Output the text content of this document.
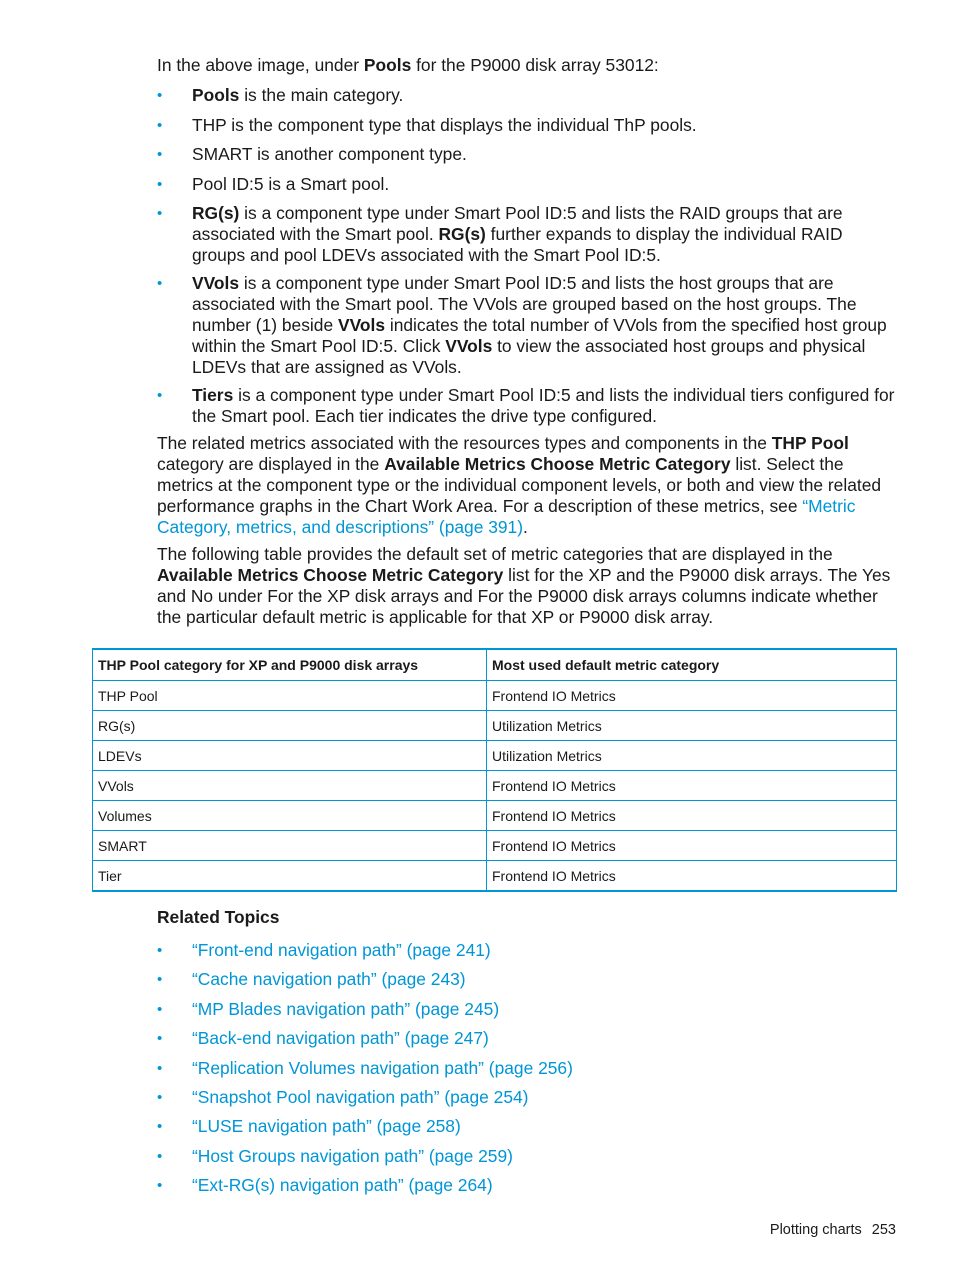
In the above image, under Pools for the P9000 disk array 53012:

•	Pools is the main category.
•	THP is the component type that displays the individual ThP pools.
•	SMART is another component type.
•	Pool ID:5 is a Smart pool.
•	RG(s) is a component type under Smart Pool ID:5 and lists the RAID groups that are associated with the Smart pool. RG(s) further expands to display the individual RAID groups and pool LDEVs associated with the Smart Pool ID:5.
•	VVols is a component type under Smart Pool ID:5 and lists the host groups that are associated with the Smart pool. The VVols are grouped based on the host groups. The number (1) beside VVols indicates the total number of VVols from the specified host group within the Smart Pool ID:5. Click VVols to view the associated host groups and physical LDEVs that are assigned as VVols.
•	Tiers is a component type under Smart Pool ID:5 and lists the individual tiers configured for the Smart pool. Each tier indicates the drive type configured.

The related metrics associated with the resources types and components in the THP Pool category are displayed in the Available Metrics Choose Metric Category list. Select the metrics at the component type or the individual component levels, or both and view the related performance graphs in the Chart Work Area. For a description of these metrics, see “Metric Category, metrics, and descriptions” (page 391).

The following table provides the default set of metric categories that are displayed in the Available Metrics Choose Metric Category list for the XP and the P9000 disk arrays. The Yes and No under For the XP disk arrays and For the P9000 disk arrays columns indicate whether the particular default metric is applicable for that XP or P9000 disk array.

THP Pool category for XP and P9000 disk arrays	Most used default metric category
THP Pool	Frontend IO Metrics
RG(s)	Utilization Metrics
LDEVs	Utilization Metrics
VVols	Frontend IO Metrics
Volumes	Frontend IO Metrics
SMART	Frontend IO Metrics
Tier	Frontend IO Metrics
Related Topics
• “Front-end navigation path” (page 241)
• “Cache navigation path” (page 243)
• “MP Blades navigation path” (page 245)
• “Back-end navigation path” (page 247)
• “Replication Volumes navigation path” (page 256)
• “Snapshot Pool navigation path” (page 254)
• “LUSE navigation path” (page 258)
• “Host Groups navigation path” (page 259)
• “Ext-RG(s) navigation path” (page 264)
Plotting charts 253
